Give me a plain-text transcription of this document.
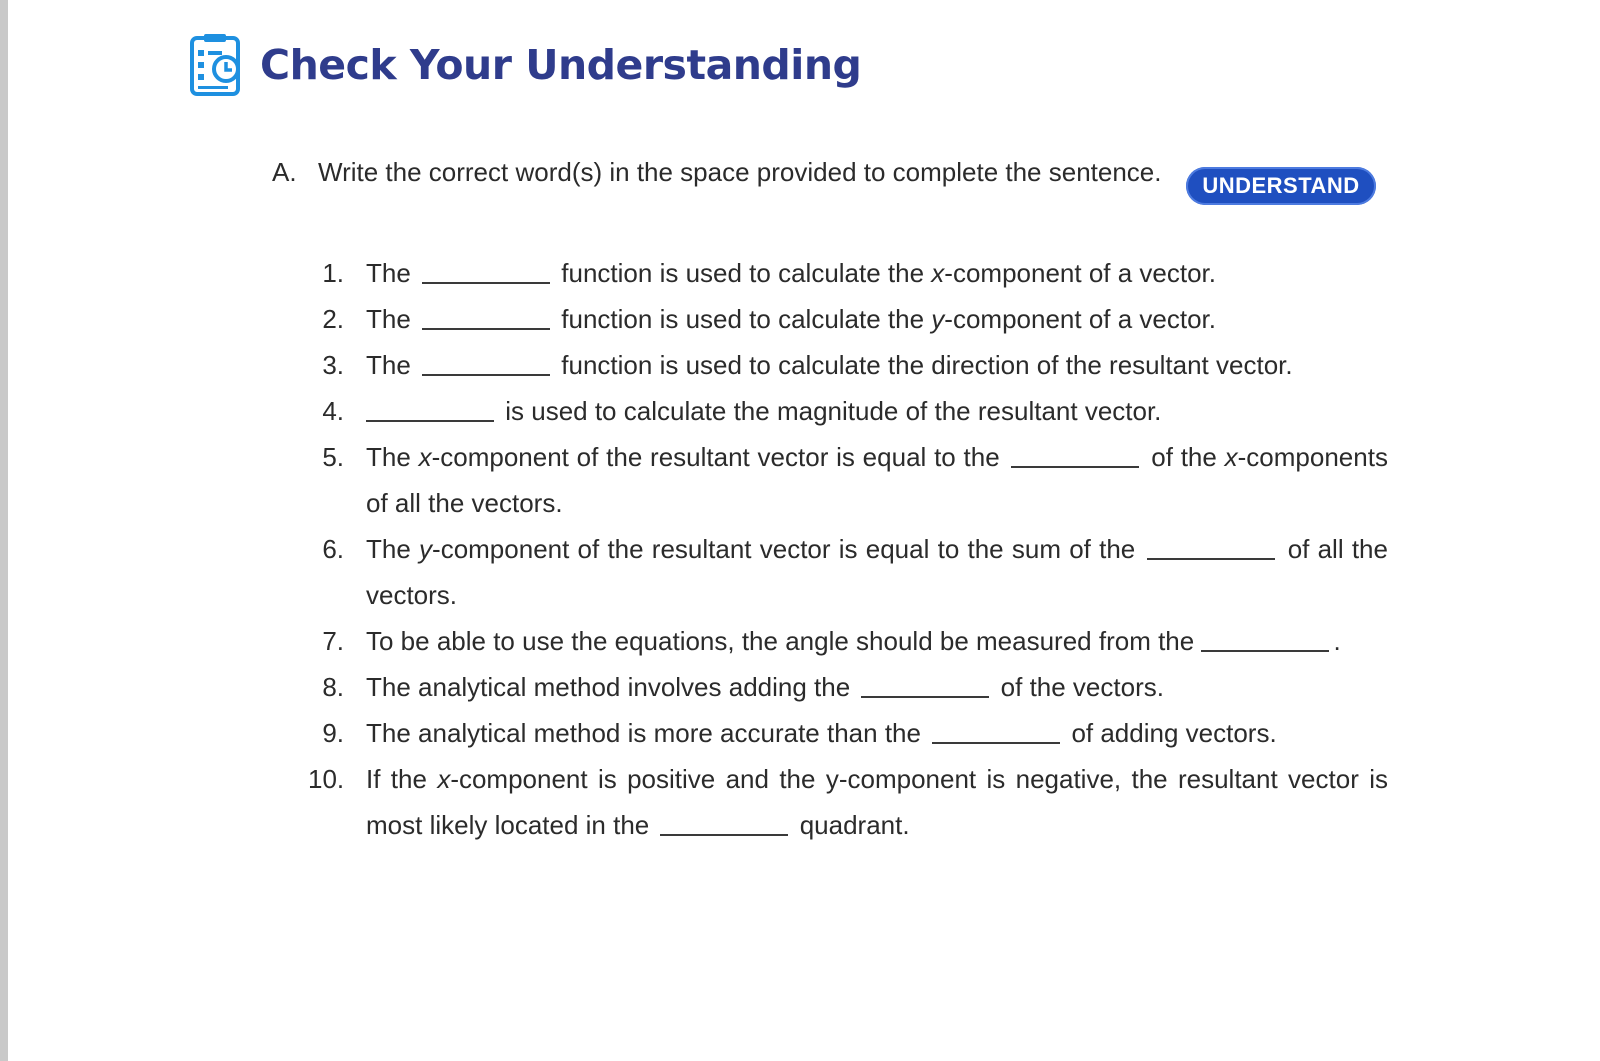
Check Your Understanding
A. Write the correct word(s) in the space provided to complete the sentence.	UNDERSTAND
1. The	function is used to calculate the x-component of a vector.
2. The	function is used to calculate the y-component of a vector.
3. The	function is used to calculate the direction of the resultant vector.
4.	is used to calculate the magnitude of the resultant vector.
5. The x-component of the resultant vector is equal to the	of the x-components of all the vectors.
6. The y-component of the resultant vector is equal to the sum of the	of all the vectors.
7. To be able to use the equations, the angle should be measured from the	.
8. The analytical method involves adding the	of the vectors.
9. The analytical method is more accurate than the	of adding vectors.
10. If the x-component is positive and the y-component is negative, the resultant vector is most likely located in the	quadrant.
